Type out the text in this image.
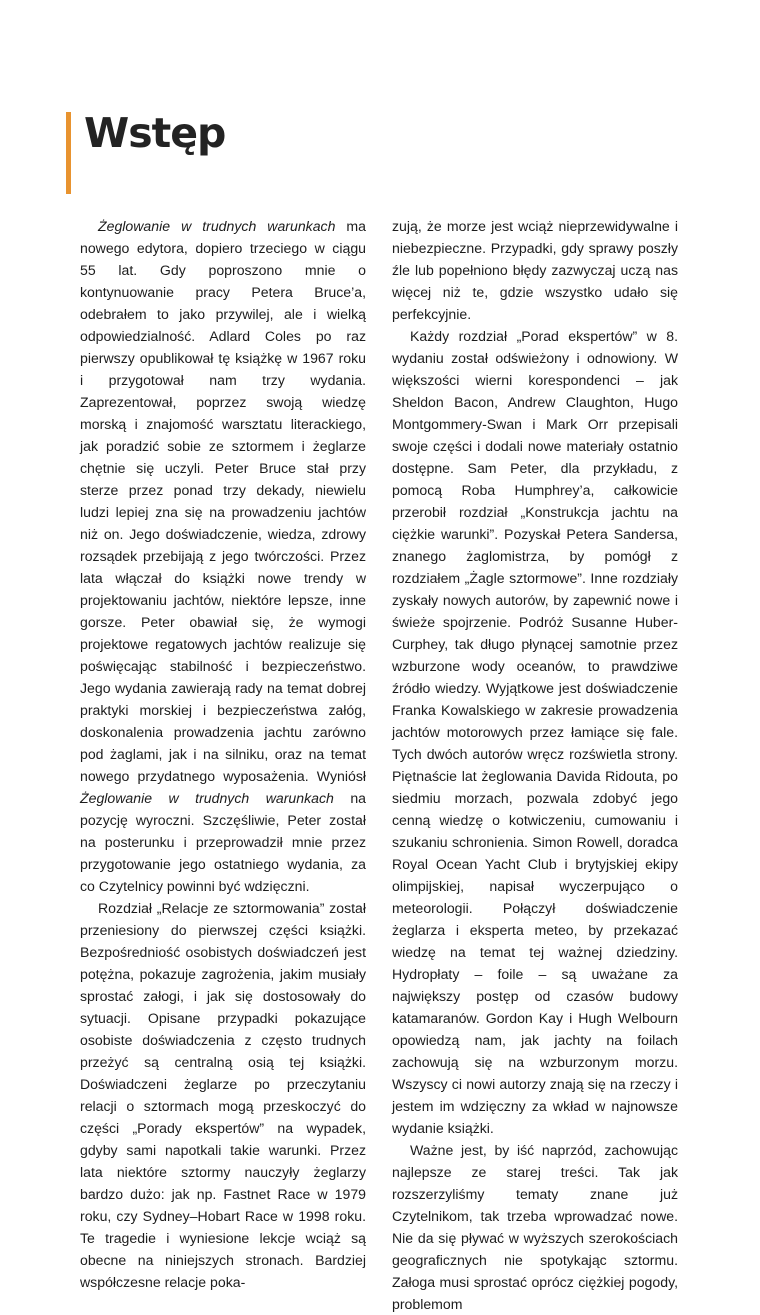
Wstęp

Żeglowanie w trudnych warunkach ma nowego edytora, dopiero trzeciego w ciągu 55 lat. Gdy poproszono mnie o kontynuowanie pracy Petera Bruce’a, odebrałem to jako przywilej, ale i wielką odpowiedzialność. Adlard Coles po raz pierwszy opublikował tę książkę w 1967 roku i przygotował nam trzy wydania. Zaprezentował, poprzez swoją wiedzę morską i znajomość warsztatu literackiego, jak poradzić sobie ze sztormem i żeglarze chętnie się uczyli. Peter Bruce stał przy sterze przez ponad trzy dekady, niewielu ludzi lepiej zna się na prowadzeniu jachtów niż on. Jego doświadczenie, wiedza, zdrowy rozsądek przebijają z jego twórczości. Przez lata włączał do książki nowe trendy w projektowaniu jachtów, niektóre lepsze, inne gorsze. Peter obawiał się, że wymogi projektowe regatowych jachtów realizuje się poświęcając stabilność i bezpieczeństwo. Jego wydania zawierają rady na temat dobrej praktyki morskiej i bezpieczeństwa załóg, doskonalenia prowadzenia jachtu zarówno pod żaglami, jak i na silniku, oraz na temat nowego przydatnego wyposażenia. Wyniósł Żeglowanie w trudnych warunkach na pozycję wyroczni. Szczęśliwie, Peter został na posterunku i przeprowadził mnie przez przygotowanie jego ostatniego wydania, za co Czytelnicy powinni być wdzięczni.

Rozdział „Relacje ze sztormowania” został przeniesiony do pierwszej części książki. Bezpośredniość osobistych doświadczeń jest potężna, pokazuje zagrożenia, jakim musiały sprostać załogi, i jak się dostosowały do sytuacji. Opisane przypadki pokazujące osobiste doświadczenia z często trudnych przeżyć są centralną osią tej książki. Doświadczeni żeglarze po przeczytaniu relacji o sztormach mogą przeskoczyć do części „Porady ekspertów” na wypadek, gdyby sami napotkali takie warunki. Przez lata niektóre sztormy nauczyły żeglarzy bardzo dużo: jak np. Fastnet Race w 1979 roku, czy Sydney–Hobart Race w 1998 roku. Te tragedie i wyniesione lekcje wciąż są obecne na niniejszych stronach. Bardziej współczesne relacje poka-

zują, że morze jest wciąż nieprzewidywalne i niebezpieczne. Przypadki, gdy sprawy poszły źle lub popełniono błędy zazwyczaj uczą nas więcej niż te, gdzie wszystko udało się perfekcyjnie.

Każdy rozdział „Porad ekspertów” w 8. wydaniu został odświeżony i odnowiony. W większości wierni korespondenci – jak Sheldon Bacon, Andrew Claughton, Hugo Montgommery-Swan i Mark Orr przepisali swoje części i dodali nowe materiały ostatnio dostępne. Sam Peter, dla przykładu, z pomocą Roba Humphrey’a, całkowicie przerobił rozdział „Konstrukcja jachtu na ciężkie warunki”. Pozyskał Petera Sandersa, znanego żaglomistrza, by pomógł z rozdziałem „Żagle sztormowe”. Inne rozdziały zyskały nowych autorów, by zapewnić nowe i świeże spojrzenie. Podróż Susanne Huber-Curphey, tak długo płynącej samotnie przez wzburzone wody oceanów, to prawdziwe źródło wiedzy. Wyjątkowe jest doświadczenie Franka Kowalskiego w zakresie prowadzenia jachtów motorowych przez łamiące się fale. Tych dwóch autorów wręcz rozświetla strony. Piętnaście lat żeglowania Davida Ridouta, po siedmiu morzach, pozwala zdobyć jego cenną wiedzę o kotwiczeniu, cumowaniu i szukaniu schronienia. Simon Rowell, doradca Royal Ocean Yacht Club i brytyjskiej ekipy olimpijskiej, napisał wyczerpująco o meteorologii. Połączył doświadczenie żeglarza i eksperta meteo, by przekazać wiedzę na temat tej ważnej dziedziny. Hydropłaty – foile – są uważane za największy postęp od czasów budowy katamaranów. Gordon Kay i Hugh Welbourn opowiedzą nam, jak jachty na foilach zachowują się na wzburzonym morzu. Wszyscy ci nowi autorzy znają się na rzeczy i jestem im wdzięczny za wkład w najnowsze wydanie książki.

Ważne jest, by iść naprzód, zachowując najlepsze ze starej treści. Tak jak rozszerzyliśmy tematy znane już Czytelnikom, tak trzeba wprowadzać nowe. Nie da się pływać w wyższych szerokościach geograficznych nie spotykając sztormu. Załoga musi sprostać oprócz ciężkiej pogody, problemom
